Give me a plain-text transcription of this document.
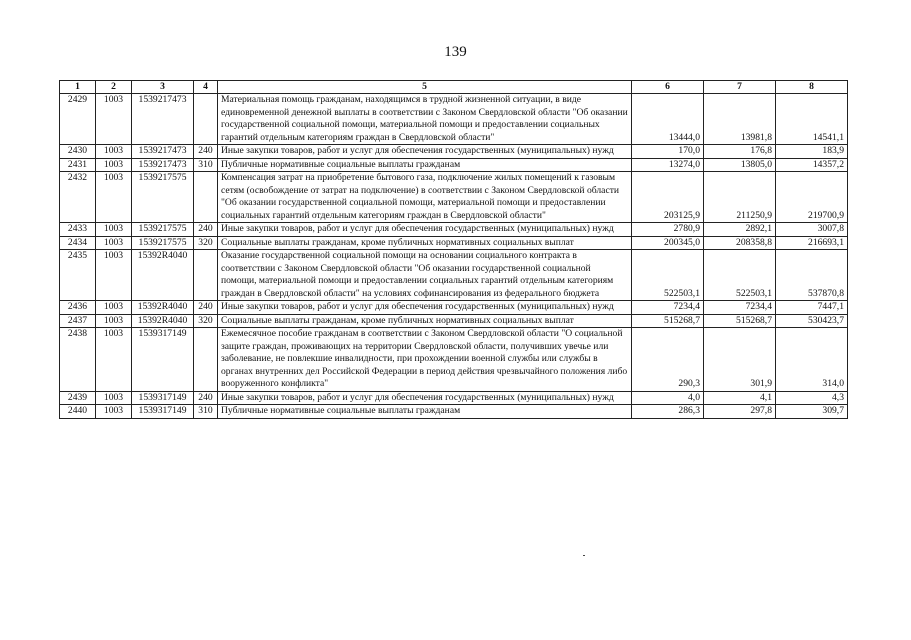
139
1	2	3	4	5	6	7	8
2429	1003	1539217473		Материальная помощь гражданам, находящимся в трудной жизненной ситуации, в виде единовременной денежной выплаты в соответствии с Законом Свердловской области "Об оказании государственной социальной помощи, материальной помощи и предоставлении социальных гарантий отдельным категориям граждан в Свердловской области"	13444,0	13981,8	14541,1
2430	1003	1539217473	240	Иные закупки товаров, работ и услуг для обеспечения государственных (муниципальных) нужд	170,0	176,8	183,9
2431	1003	1539217473	310	Публичные нормативные социальные выплаты гражданам	13274,0	13805,0	14357,2
2432	1003	1539217575		Компенсация затрат на приобретение бытового газа, подключение жилых помещений к газовым сетям (освобождение от затрат на подключение) в соответствии с Законом Свердловской области "Об оказании государственной социальной помощи, материальной помощи и предоставлении социальных гарантий отдельным категориям граждан в Свердловской области"	203125,9	211250,9	219700,9
2433	1003	1539217575	240	Иные закупки товаров, работ и услуг для обеспечения государственных (муниципальных) нужд	2780,9	2892,1	3007,8
2434	1003	1539217575	320	Социальные выплаты гражданам, кроме публичных нормативных социальных выплат	200345,0	208358,8	216693,1
2435	1003	15392R4040		Оказание государственной социальной помощи на основании социального контракта в соответствии с Законом Свердловской области "Об оказании государственной социальной помощи, материальной помощи и предоставлении социальных гарантий отдельным категориям граждан в Свердловской области" на условиях софинансирования из федерального бюджета	522503,1	522503,1	537870,8
2436	1003	15392R4040	240	Иные закупки товаров, работ и услуг для обеспечения государственных (муниципальных) нужд	7234,4	7234,4	7447,1
2437	1003	15392R4040	320	Социальные выплаты гражданам, кроме публичных нормативных социальных выплат	515268,7	515268,7	530423,7
2438	1003	1539317149		Ежемесячное пособие гражданам в соответствии с Законом Свердловской области "О социальной защите граждан, проживающих на территории Свердловской области, получивших увечье или заболевание, не повлекшие инвалидности, при прохождении военной службы или службы в органах внутренних дел Российской Федерации в период действия чрезвычайного положения либо вооруженного конфликта"	290,3	301,9	314,0
2439	1003	1539317149	240	Иные закупки товаров, работ и услуг для обеспечения государственных (муниципальных) нужд	4,0	4,1	4,3
2440	1003	1539317149	310	Публичные нормативные социальные выплаты гражданам	286,3	297,8	309,7
